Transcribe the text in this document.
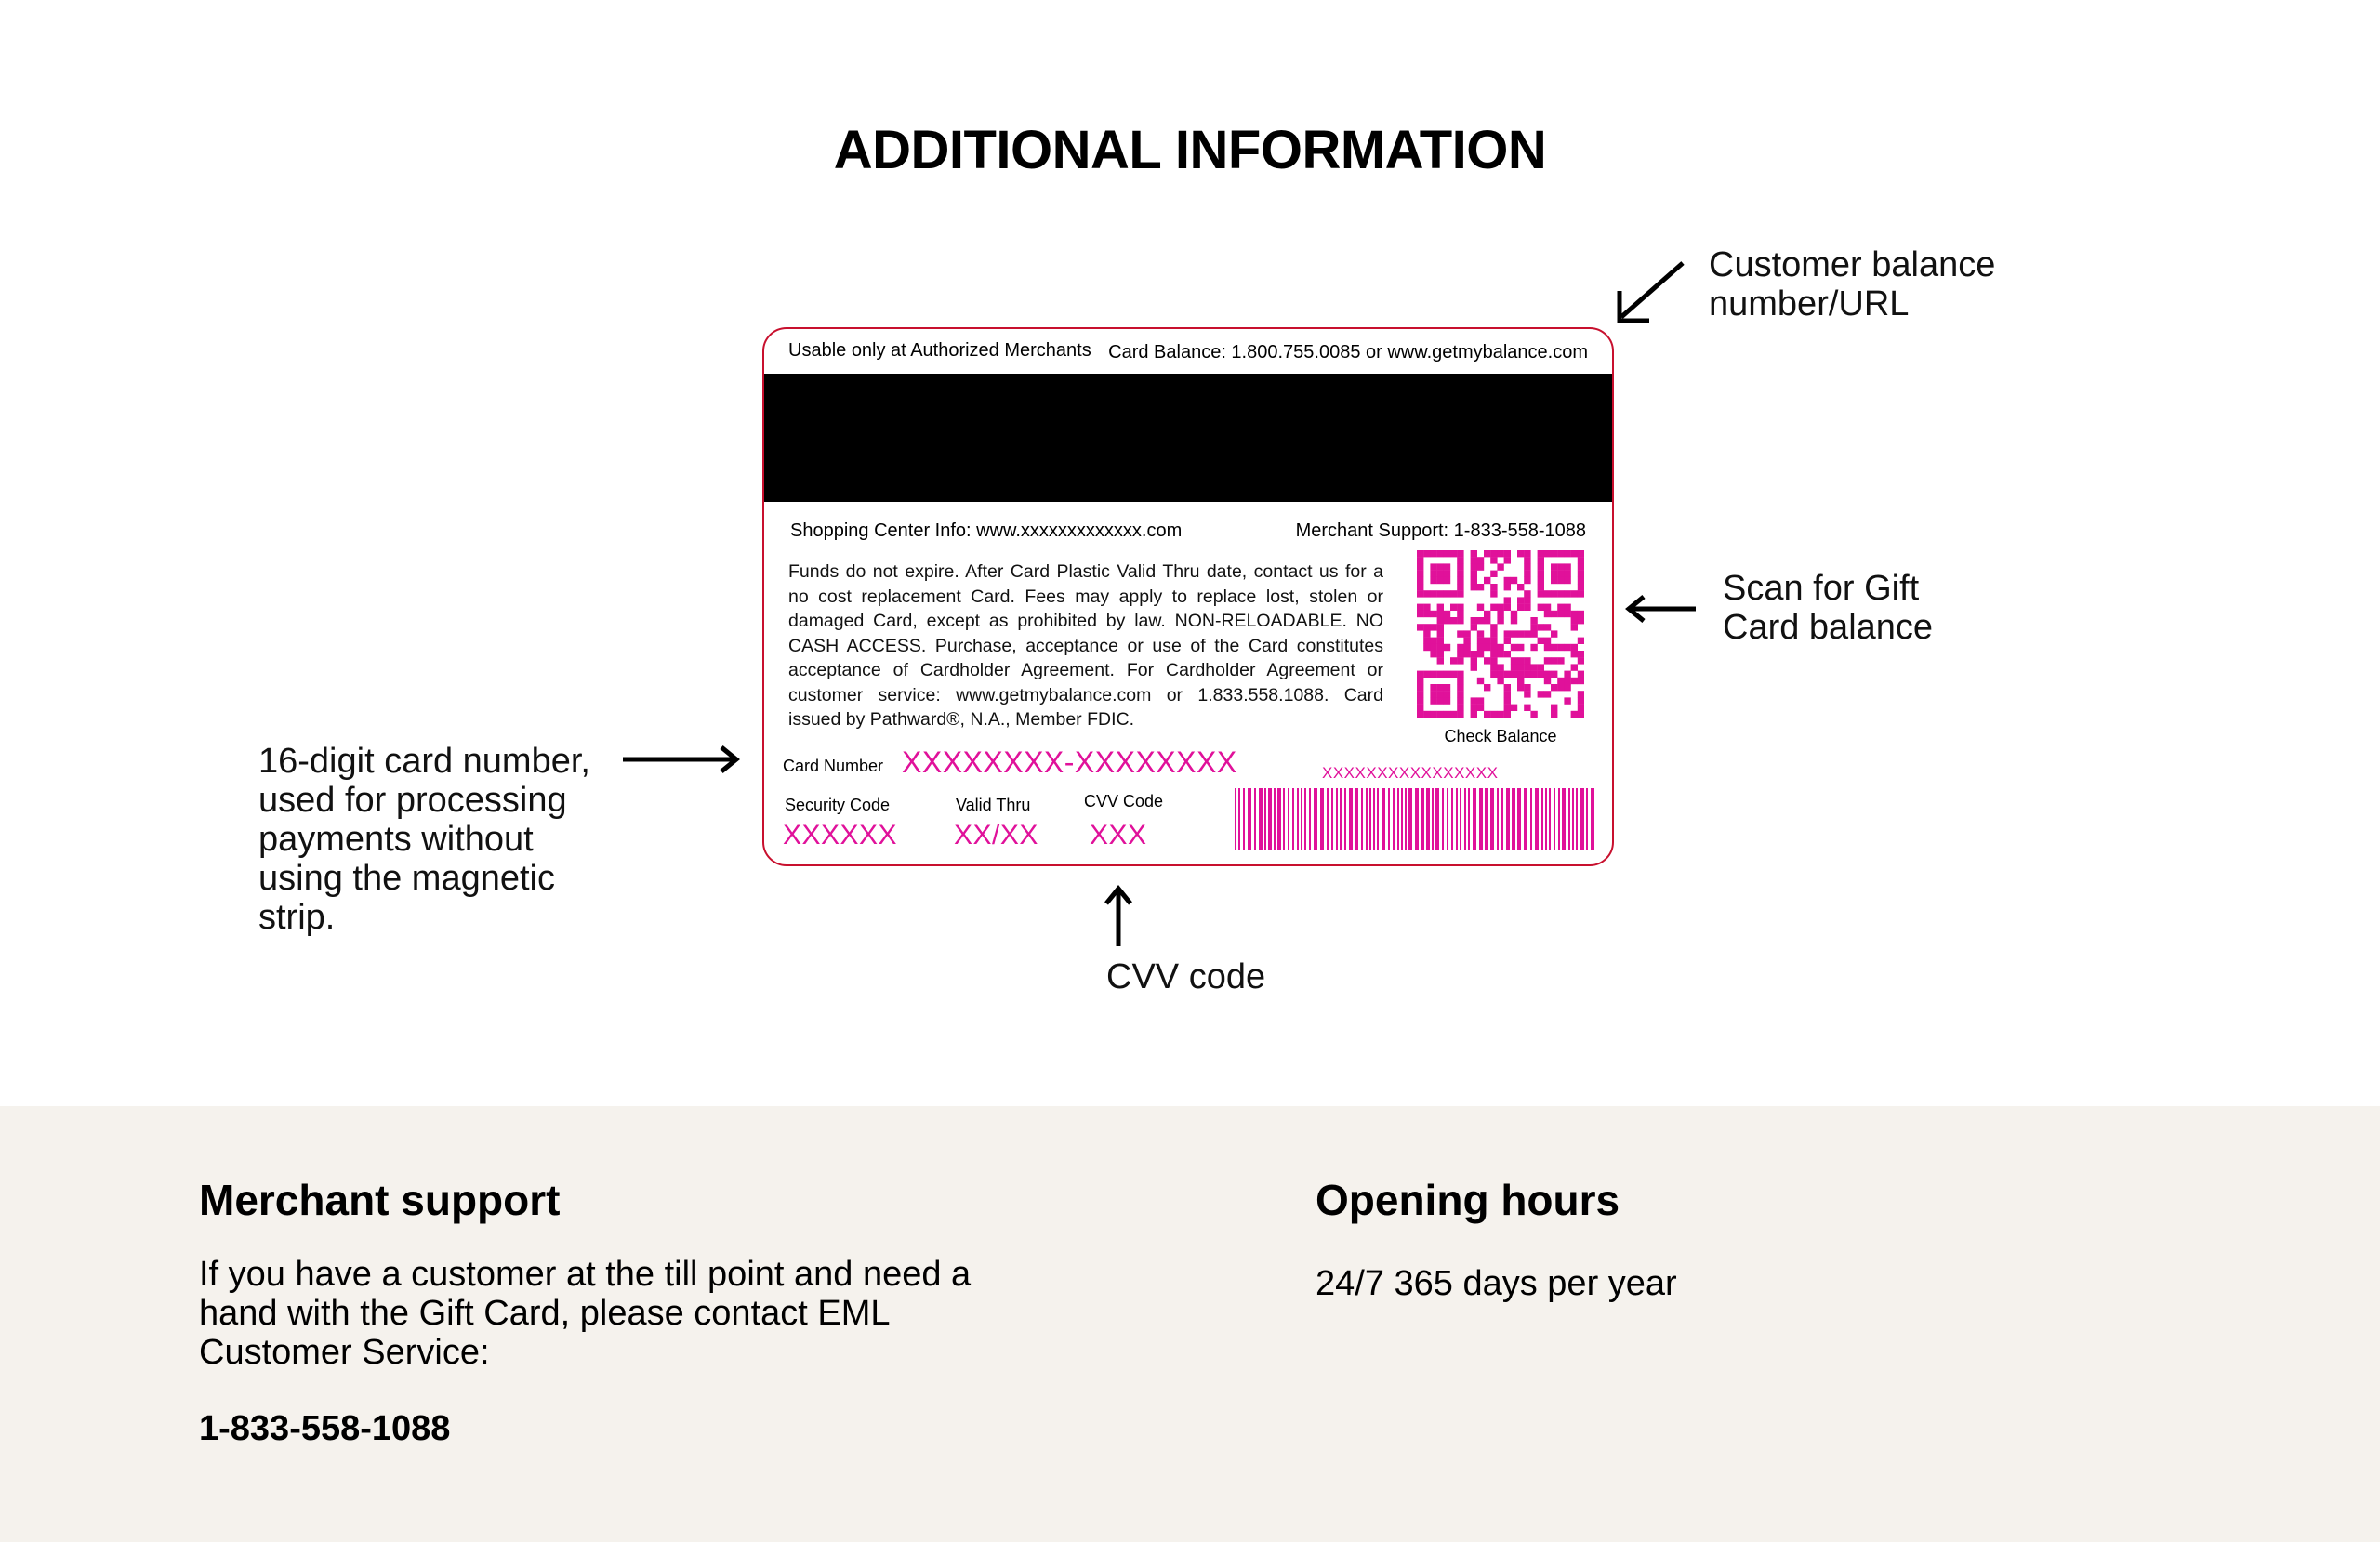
ADDITIONAL INFORMATION

Customer balance
number/URL

Scan for Gift
Card balance

16-digit card number,
used for processing
payments without
using the magnetic
strip.

CVV code

Usable only at Authorized Merchants Card Balance: 1.800.755.0085 or www.getmybalance.com
Shopping Center Info: www.xxxxxxxxxxxxx.com	Merchant Support: 1-833-558-1088
Funds do not expire. After Card Plastic Valid Thru date, contact us for a no cost replacement Card. Fees may apply to replace lost, stolen or damaged Card, except as prohibited by law. NON-RELOADABLE. NO CASH ACCESS. Purchase, acceptance or use of the Card constitutes acceptance of Cardholder Agreement. For Cardholder Agreement or customer service: www.getmybalance.com or 1.833.558.1088. Card issued by Pathward®, N.A., Member FDIC.
Check Balance
Card Number XXXXXXXX-XXXXXXXX	XXXXXXXXXXXXXXXX
Security Code
XXXXXX
Valid Thru
XX/XX
CVV Code
XXX
Merchant support

If you have a customer at the till point and need a
hand with the Gift Card, please contact EML
Customer Service:

1-833-558-1088

Opening hours

24/7 365 days per year
